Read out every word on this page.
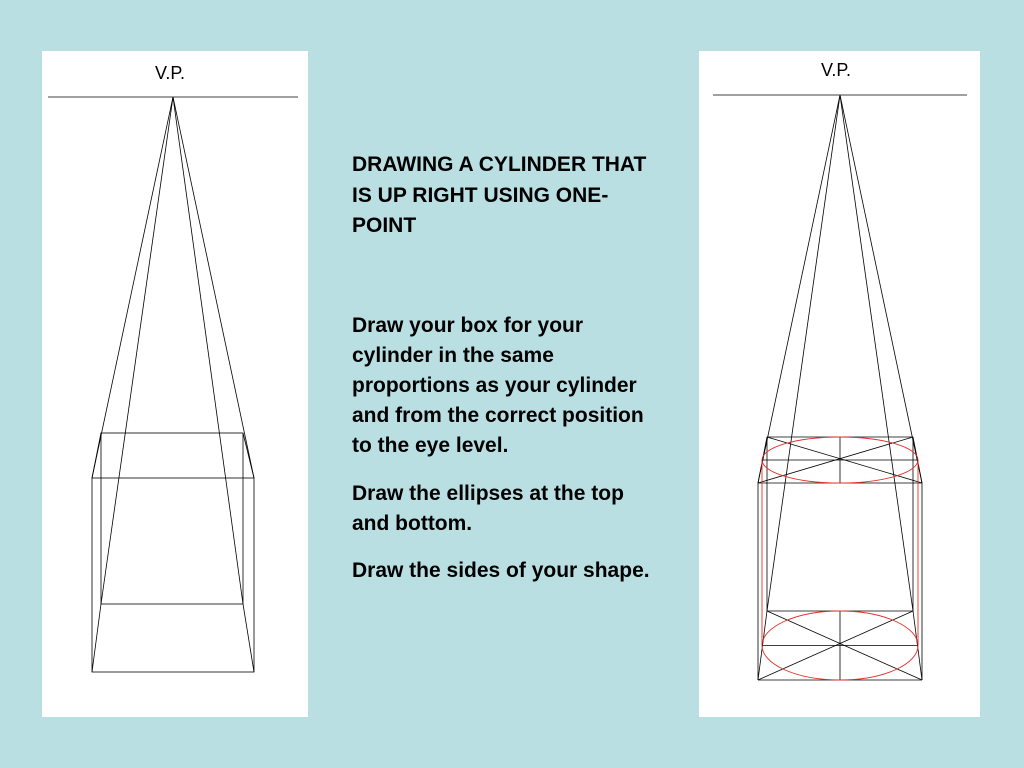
V.P.

DRAWING A CYLINDER THAT IS UP RIGHT USING ONE-POINT

Draw your box for your cylinder in the same proportions as your cylinder and from the correct position to the eye level.

Draw the ellipses at the top and bottom.

Draw the sides of your shape.

V.P.
